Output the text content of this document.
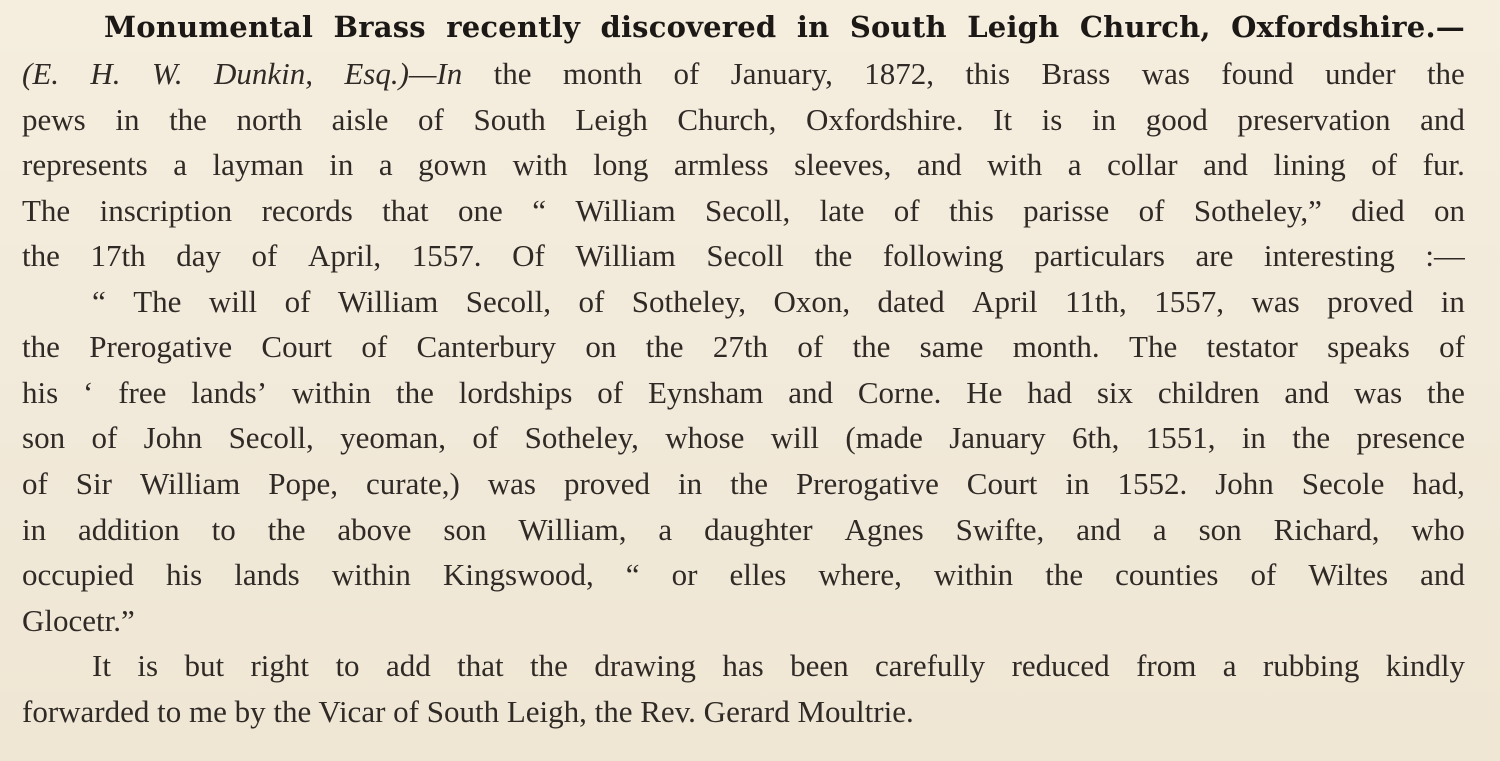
Monumental Brass recently discovered in South Leigh Church, Oxfordshire.—
(E. H. W. Dunkin, Esq.)—In the month of January, 1872, this Brass was found under the
pews in the north aisle of South Leigh Church, Oxfordshire. It is in good preservation and
represents a layman in a gown with long armless sleeves, and with a collar and lining of fur.
The inscription records that one “ William Secoll, late of this parisse of Sotheley,” died on
the 17th day of April, 1557. Of William Secoll the following particulars are interesting :—
“ The will of William Secoll, of Sotheley, Oxon, dated April 11th, 1557, was proved in
the Prerogative Court of Canterbury on the 27th of the same month. The testator speaks of
his ‘ free lands’ within the lordships of Eynsham and Corne. He had six children and was the
son of John Secoll, yeoman, of Sotheley, whose will (made January 6th, 1551, in the presence
of Sir William Pope, curate,) was proved in the Prerogative Court in 1552. John Secole had,
in addition to the above son William, a daughter Agnes Swifte, and a son Richard, who
occupied his lands within Kingswood, “ or elles where, within the counties of Wiltes and
Glocetr.”
It is but right to add that the drawing has been carefully reduced from a rubbing kindly
forwarded to me by the Vicar of South Leigh, the Rev. Gerard Moultrie.
